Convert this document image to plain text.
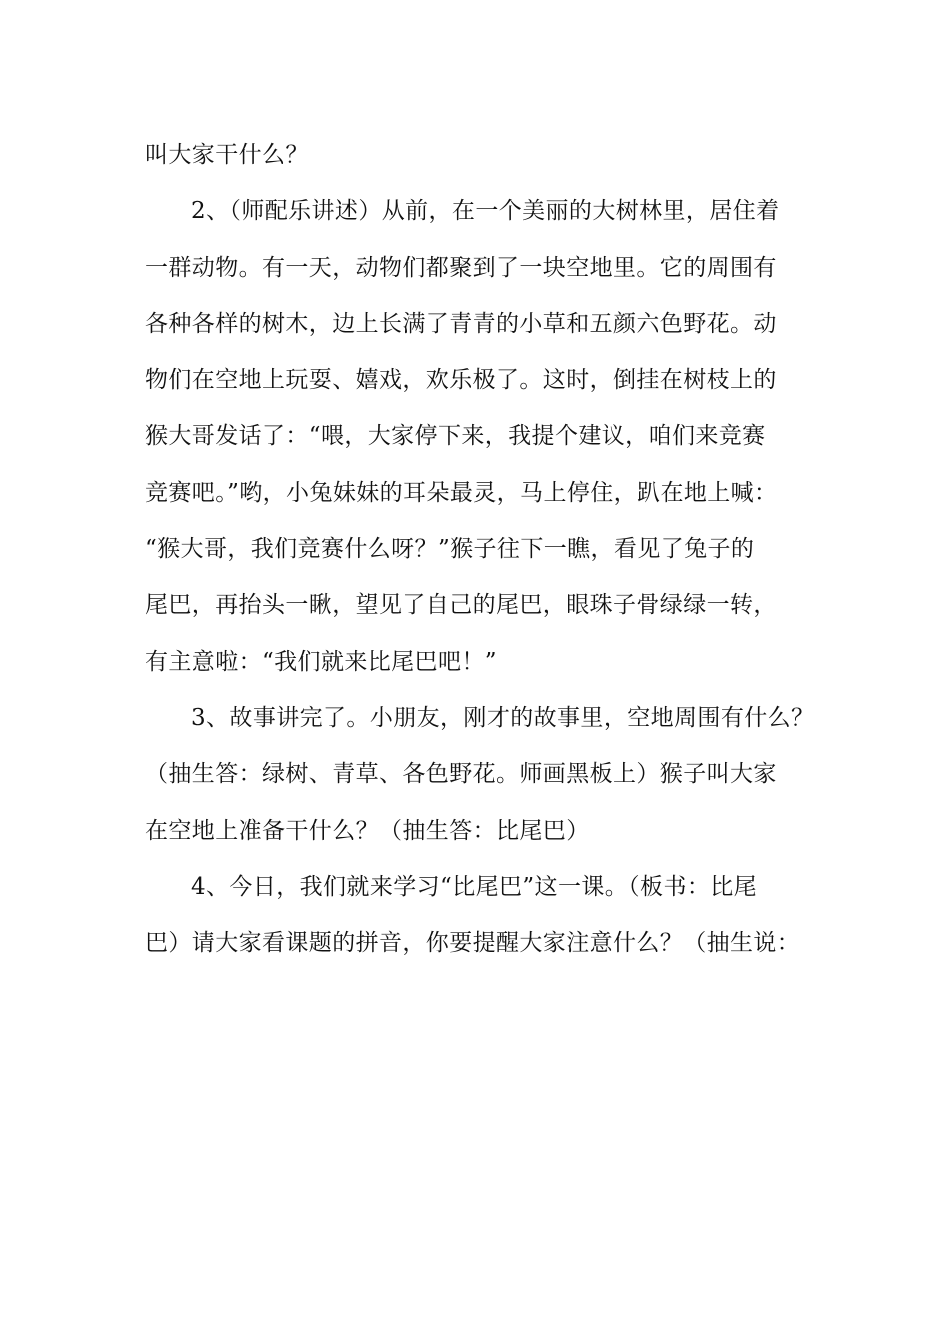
叫大家干什么？
2、（师配乐讲述）从前，在一个美丽的大树林里，居住着
一群动物。有一天，动物们都聚到了一块空地里。它的周围有
各种各样的树木，边上长满了青青的小草和五颜六色野花。动
物们在空地上玩耍、嬉戏，欢乐极了。这时，倒挂在树枝上的
猴大哥发话了：“喂，大家停下来，我提个建议，咱们来竞赛
竞赛吧。”哟，小兔妹妹的耳朵最灵，马上停住，趴在地上喊：
“猴大哥，我们竞赛什么呀？”猴子往下一瞧，看见了兔子的
尾巴，再抬头一瞅，望见了自己的尾巴，眼珠子骨绿绿一转，
有主意啦：“我们就来比尾巴吧！”
3、故事讲完了。小朋友，刚才的故事里，空地周围有什么？
（抽生答：绿树、青草、各色野花。师画黑板上）猴子叫大家
在空地上准备干什么？（抽生答：比尾巴）
4、今日，我们就来学习“比尾巴”这一课。（板书：比尾
巴）请大家看课题的拼音，你要提醒大家注意什么？（抽生说：
